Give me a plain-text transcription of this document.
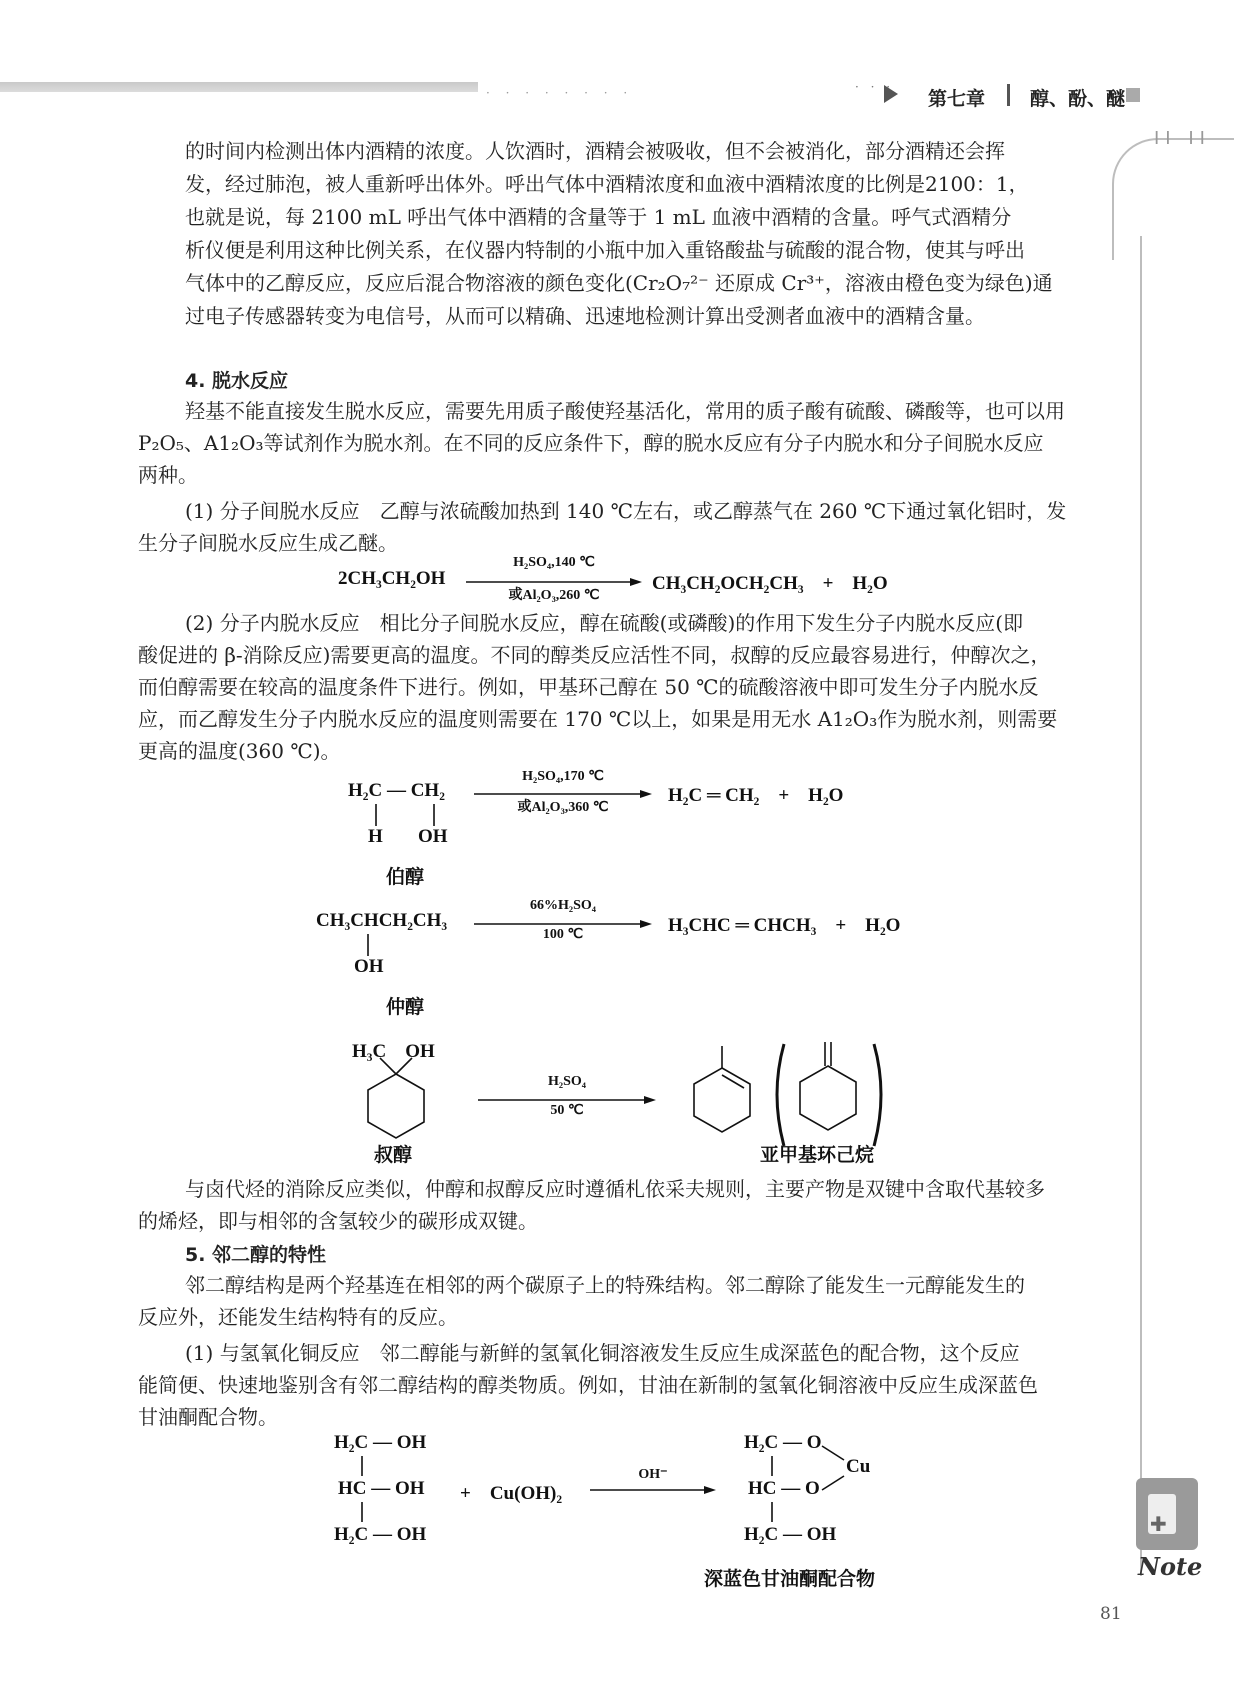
· · · · · · · ·	· · ·
第七章 醇、酚、醚
II II
✚
Note
81
的时间内检测出体内酒精的浓度。人饮酒时，酒精会被吸收，但不会被消化，部分酒精还会挥
发，经过肺泡，被人重新呼出体外。呼出气体中酒精浓度和血液中酒精浓度的比例是2100：1，
也就是说，每 2100 mL 呼出气体中酒精的含量等于 1 mL 血液中酒精的含量。呼气式酒精分
析仪便是利用这种比例关系，在仪器内特制的小瓶中加入重铬酸盐与硫酸的混合物，使其与呼出
气体中的乙醇反应，反应后混合物溶液的颜色变化(Cr₂O₇²⁻ 还原成 Cr³⁺，溶液由橙色变为绿色)通
过电子传感器转变为电信号，从而可以精确、迅速地检测计算出受测者血液中的酒精含量。
4. 脱水反应
羟基不能直接发生脱水反应，需要先用质子酸使羟基活化，常用的质子酸有硫酸、磷酸等，也可以用
P₂O₅、A1₂O₃等试剂作为脱水剂。在不同的反应条件下，醇的脱水反应有分子内脱水和分子间脱水反应
两种。
(1) 分子间脱水反应　乙醇与浓硫酸加热到 140 ℃左右，或乙醇蒸气在 260 ℃下通过氧化铝时，发
生分子间脱水反应生成乙醚。
2CH₃CH₂OH
H₂SO₄,140 ℃
或Al₂O₃,260 ℃
CH₃CH₂OCH₂CH₃　+　H₂O
(2) 分子内脱水反应　相比分子间脱水反应，醇在硫酸(或磷酸)的作用下发生分子内脱水反应(即
酸促进的 β-消除反应)需要更高的温度。不同的醇类反应活性不同，叔醇的反应最容易进行，仲醇次之，
而伯醇需要在较高的温度条件下进行。例如，甲基环己醇在 50 ℃的硫酸溶液中即可发生分子内脱水反
应，而乙醇发生分子内脱水反应的温度则需要在 170 ℃以上，如果是用无水 A1₂O₃作为脱水剂，则需要
更高的温度(360 ℃)。
H₂C — CH₂
H OH
H₂SO₄,170 ℃
或Al₂O₃,360 ℃
H₂C ═ CH₂　+　H₂O
伯醇
CH₃CHCH₂CH₃
OH
66%H₂SO₄
100 ℃	H₃CHC ═ CHCH₃　+　H₂O
仲醇
H₃C　OH
H₂SO₄
50 ℃
叔醇	亚甲基环己烷
与卤代烃的消除反应类似，仲醇和叔醇反应时遵循札依采夫规则，主要产物是双键中含取代基较多
的烯烃，即与相邻的含氢较少的碳形成双键。
5. 邻二醇的特性
邻二醇结构是两个羟基连在相邻的两个碳原子上的特殊结构。邻二醇除了能发生一元醇能发生的
反应外，还能发生结构特有的反应。
(1) 与氢氧化铜反应　邻二醇能与新鲜的氢氧化铜溶液发生反应生成深蓝色的配合物，这个反应
能简便、快速地鉴别含有邻二醇结构的醇类物质。例如，甘油在新制的氢氧化铜溶液中反应生成深蓝色
甘油酮配合物。
H₂C — OH
HC — OH
H₂C — OH
+　Cu(OH)₂
OH⁻
H₂C — O
HC — O
H₂C — OH
Cu
深蓝色甘油酮配合物
